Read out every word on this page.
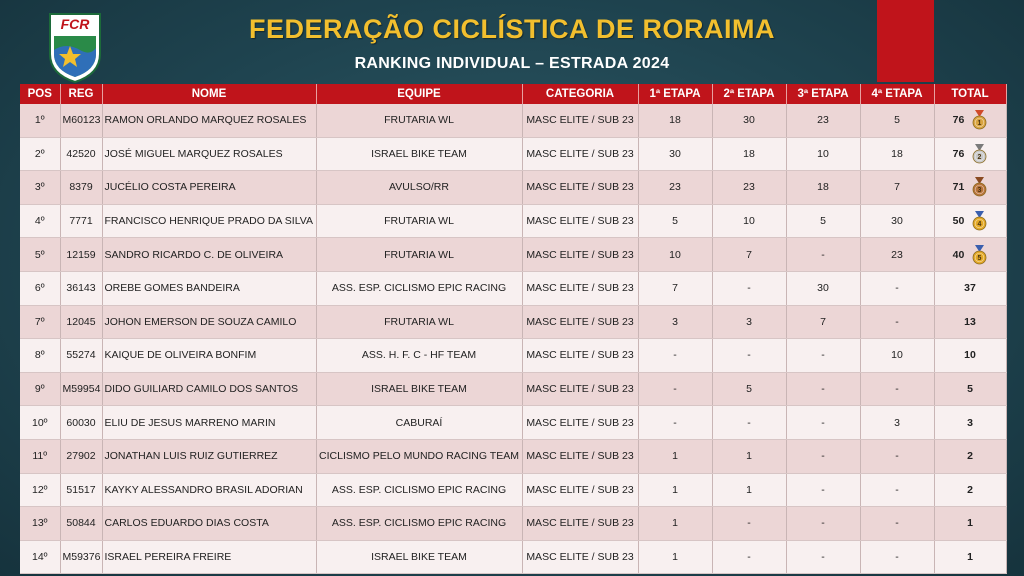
FCR	FEDERAÇÃO CICLÍSTICA DE RORAIMA
RANKING INDIVIDUAL – ESTRADA 2024
POS	REG	NOME	EQUIPE	CATEGORIA	1ª ETAPA	2ª ETAPA	3ª ETAPA	4ª ETAPA	TOTAL
1º	M60123	RAMON ORLANDO MARQUEZ ROSALES	FRUTARIA WL	MASC ELITE / SUB 23	18	30	23	5	76 1

2º	42520	JOSÉ MIGUEL MARQUEZ ROSALES	ISRAEL BIKE TEAM	MASC ELITE / SUB 23	30	18	10	18	76 2

3º	8379	JUCÉLIO COSTA PEREIRA	AVULSO/RR	MASC ELITE / SUB 23	23	23	18	7	71 3

4º	7771	FRANCISCO HENRIQUE PRADO DA SILVA	FRUTARIA WL	MASC ELITE / SUB 23	5	10	5	30	50 4

5º	12159	SANDRO RICARDO C. DE OLIVEIRA	FRUTARIA WL	MASC ELITE / SUB 23	10	7	-	23	40 5

6º	36143	OREBE GOMES BANDEIRA	ASS. ESP. CICLISMO EPIC RACING	MASC ELITE / SUB 23	7	-	30	-	37

7º	12045	JOHON EMERSON DE SOUZA CAMILO	FRUTARIA WL	MASC ELITE / SUB 23	3	3	7	-	13

8º	55274	KAIQUE DE OLIVEIRA BONFIM	ASS. H. F. C - HF TEAM	MASC ELITE / SUB 23	-	-	-	10	10

9º	M59954	DIDO GUILIARD CAMILO DOS SANTOS	ISRAEL BIKE TEAM	MASC ELITE / SUB 23	-	5	-	-	5

10º	60030	ELIU DE JESUS MARRENO MARIN	CABURAÍ	MASC ELITE / SUB 23	-	-	-	3	3

11º	27902	JONATHAN LUIS RUIZ GUTIERREZ	CICLISMO PELO MUNDO RACING TEAM	MASC ELITE / SUB 23	1	1	-	-	2

12º	51517	KAYKY ALESSANDRO BRASIL ADORIAN	ASS. ESP. CICLISMO EPIC RACING	MASC ELITE / SUB 23	1	1	-	-	2

13º	50844	CARLOS EDUARDO DIAS COSTA	ASS. ESP. CICLISMO EPIC RACING	MASC ELITE / SUB 23	1	-	-	-	1

14º	M59376	ISRAEL PEREIRA FREIRE	ISRAEL BIKE TEAM	MASC ELITE / SUB 23	1	-	-	-	1
